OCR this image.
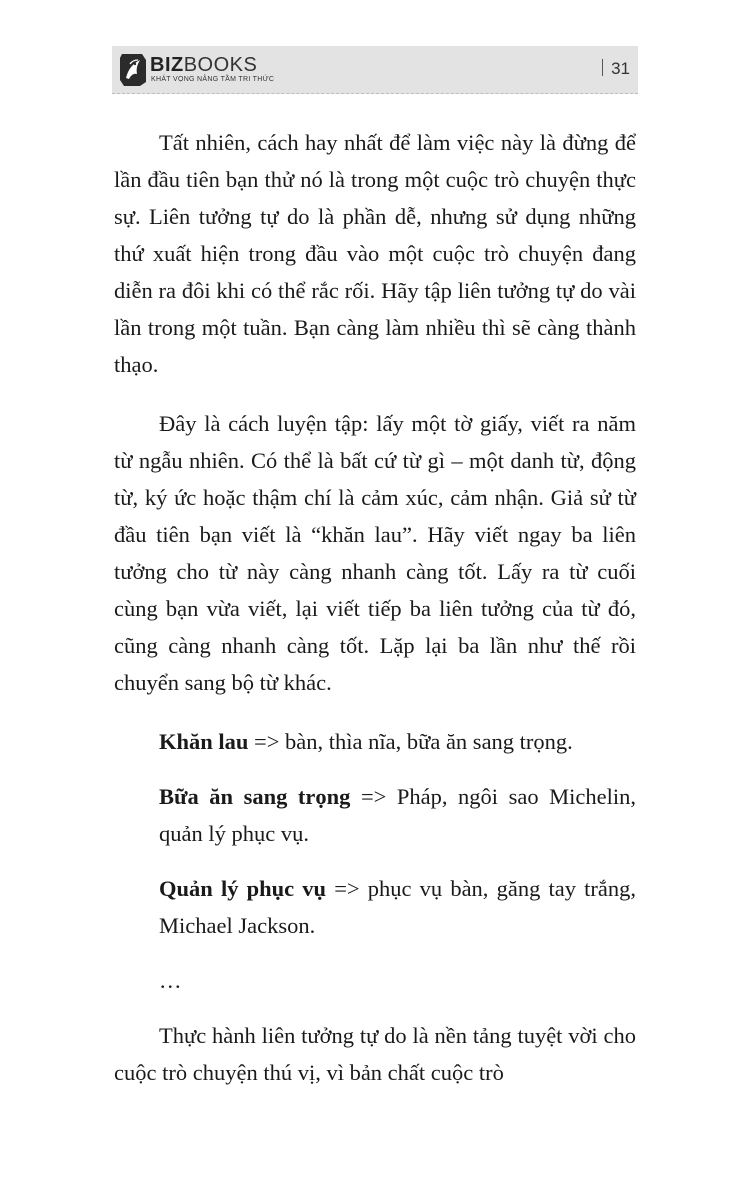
BIZBOOKS
KHÁT VỌNG NÂNG TẦM TRI THỨC
31

Tất nhiên, cách hay nhất để làm việc này là đừng để lần đầu tiên bạn thử nó là trong một cuộc trò chuyện thực sự. Liên tưởng tự do là phần dễ, nhưng sử dụng những thứ xuất hiện trong đầu vào một cuộc trò chuyện đang diễn ra đôi khi có thể rắc rối. Hãy tập liên tưởng tự do vài lần trong một tuần. Bạn càng làm nhiều thì sẽ càng thành thạo.

Đây là cách luyện tập: lấy một tờ giấy, viết ra năm từ ngẫu nhiên. Có thể là bất cứ từ gì – một danh từ, động từ, ký ức hoặc thậm chí là cảm xúc, cảm nhận. Giả sử từ đầu tiên bạn viết là “khăn lau”. Hãy viết ngay ba liên tưởng cho từ này càng nhanh càng tốt. Lấy ra từ cuối cùng bạn vừa viết, lại viết tiếp ba liên tưởng của từ đó, cũng càng nhanh càng tốt. Lặp lại ba lần như thế rồi chuyển sang bộ từ khác.

Khăn lau => bàn, thìa nĩa, bữa ăn sang trọng.

Bữa ăn sang trọng => Pháp, ngôi sao Michelin, quản lý phục vụ.

Quản lý phục vụ => phục vụ bàn, găng tay trắng, Michael Jackson.

…

Thực hành liên tưởng tự do là nền tảng tuyệt vời cho cuộc trò chuyện thú vị, vì bản chất cuộc trò
